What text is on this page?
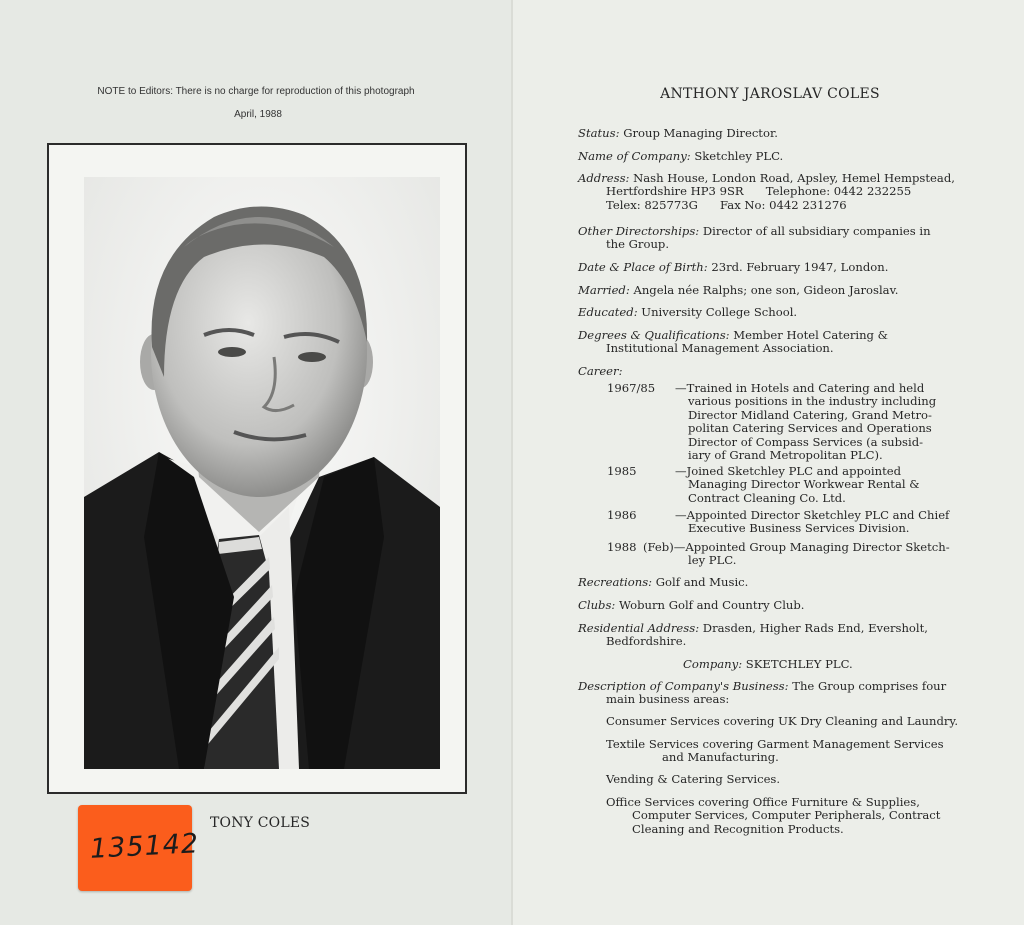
NOTE to Editors: There is no charge for reproduction of this photograph
April, 1988
TONY COLES
135142
ANTHONY JAROSLAV COLES
Status: Group Managing Director.
Name of Company: Sketchley PLC.
Address: Nash House, London Road, Apsley, Hemel Hempstead,
Hertfordshire HP3 9SR      Telephone: 0442 232255
Telex: 825773G      Fax No: 0442 231276
Other Directorships: Director of all subsidiary companies in
the Group.
Date & Place of Birth: 23rd. February 1947, London.
Married: Angela née Ralphs; one son, Gideon Jaroslav.
Educated: University College School.
Degrees & Qualifications: Member Hotel Catering &
Institutional Management Association.
Career:
1967/85	—Trained in Hotels and Catering and held
various positions in the industry including
Director Midland Catering, Grand Metro-
politan Catering Services and Operations
Director of Compass Services (a subsid-
iary of Grand Metropolitan PLC).
1985	—Joined Sketchley PLC and appointed
Managing Director Workwear Rental &
Contract Cleaning Co. Ltd.
1986	—Appointed Director Sketchley PLC and Chief
Executive Business Services Division.
1988 (Feb)—Appointed Group Managing Director Sketch-
ley PLC.
Recreations: Golf and Music.
Clubs: Woburn Golf and Country Club.
Residential Address: Drasden, Higher Rads End, Eversholt,
Bedfordshire.
Company: SKETCHLEY PLC.
Description of Company's Business: The Group comprises four
main business areas:
Consumer Services covering UK Dry Cleaning and Laundry.
Textile Services covering Garment Management Services
and Manufacturing.
Vending & Catering Services.
Office Services covering Office Furniture & Supplies,
Computer Services, Computer Peripherals, Contract
Cleaning and Recognition Products.
